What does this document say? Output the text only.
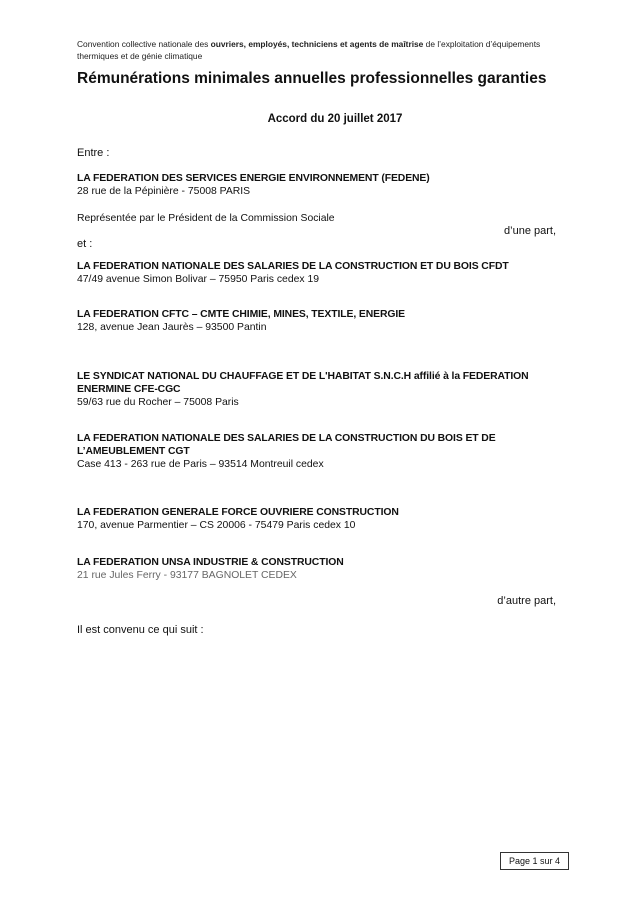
Convention collective nationale des ouvriers, employés, techniciens et agents de maîtrise de l’exploitation d’équipements thermiques et de génie climatique
Rémunérations minimales annuelles professionnelles garanties
Accord du 20 juillet 2017
Entre :
LA FEDERATION DES SERVICES ENERGIE ENVIRONNEMENT (FEDENE)
28 rue de la Pépinière - 75008 PARIS
Représentée par le Président de la Commission Sociale
d’une part,
et :
LA FEDERATION NATIONALE DES SALARIES DE LA CONSTRUCTION ET DU BOIS CFDT
47/49 avenue Simon Bolivar – 75950 Paris cedex 19
LA FEDERATION CFTC – CMTE CHIMIE, MINES, TEXTILE, ENERGIE
128, avenue Jean Jaurès – 93500 Pantin
LE SYNDICAT NATIONAL DU CHAUFFAGE ET DE L'HABITAT S.N.C.H affilié à la FEDERATION
ENERMINE CFE-CGC
59/63 rue du Rocher – 75008 Paris
LA FEDERATION NATIONALE DES SALARIES DE LA CONSTRUCTION DU BOIS ET DE
L’AMEUBLEMENT CGT
Case 413 - 263 rue de Paris – 93514 Montreuil cedex
LA FEDERATION GENERALE FORCE OUVRIERE CONSTRUCTION
170, avenue Parmentier – CS 20006 - 75479 Paris cedex 10
LA FEDERATION UNSA INDUSTRIE & CONSTRUCTION
21 rue Jules Ferry - 93177 BAGNOLET CEDEX
d’autre part,
Il est convenu ce qui suit :
Page 1 sur 4
